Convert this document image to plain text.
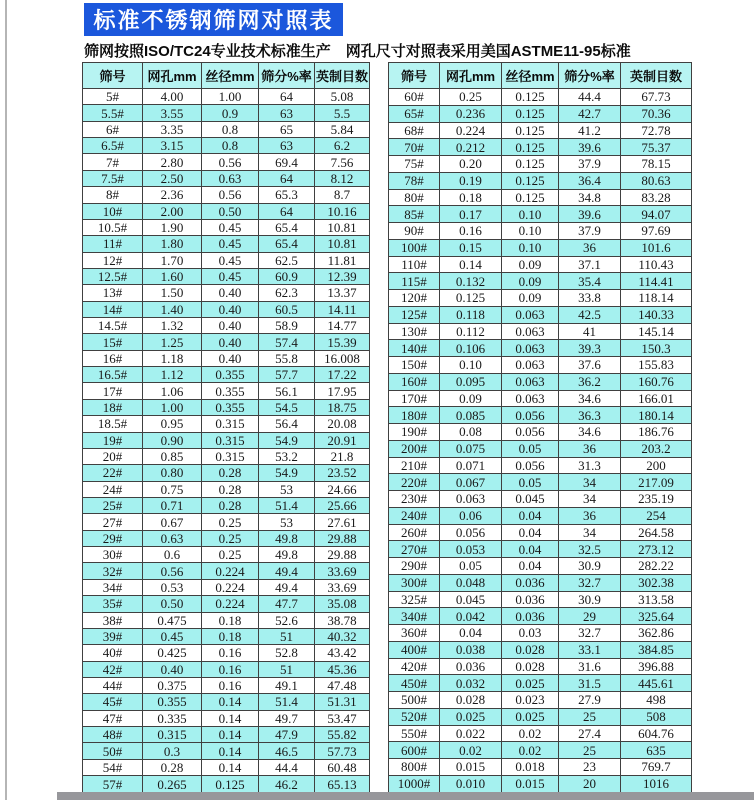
标准不锈钢筛网对照表
筛网按照ISO/TC24专业技术标准生产　网孔尺寸对照表采用美国ASTME11-95标准
筛号	网孔mm	丝径mm	筛分%率	英制目数
5#	4.00	1.00	64	5.08
5.5#	3.55	0.9	63	5.5
6#	3.35	0.8	65	5.84
6.5#	3.15	0.8	63	6.2
7#	2.80	0.56	69.4	7.56
7.5#	2.50	0.63	64	8.12
8#	2.36	0.56	65.3	8.7
10#	2.00	0.50	64	10.16
10.5#	1.90	0.45	65.4	10.81
11#	1.80	0.45	65.4	10.81
12#	1.70	0.45	62.5	11.81
12.5#	1.60	0.45	60.9	12.39
13#	1.50	0.40	62.3	13.37
14#	1.40	0.40	60.5	14.11
14.5#	1.32	0.40	58.9	14.77
15#	1.25	0.40	57.4	15.39
16#	1.18	0.40	55.8	16.008
16.5#	1.12	0.355	57.7	17.22
17#	1.06	0.355	56.1	17.95
18#	1.00	0.355	54.5	18.75
18.5#	0.95	0.315	56.4	20.08
19#	0.90	0.315	54.9	20.91
20#	0.85	0.315	53.2	21.8
22#	0.80	0.28	54.9	23.52
24#	0.75	0.28	53	24.66
25#	0.71	0.28	51.4	25.66
27#	0.67	0.25	53	27.61
29#	0.63	0.25	49.8	29.88
30#	0.6	0.25	49.8	29.88
32#	0.56	0.224	49.4	33.69
34#	0.53	0.224	49.4	33.69
35#	0.50	0.224	47.7	35.08
38#	0.475	0.18	52.6	38.78
39#	0.45	0.18	51	40.32
40#	0.425	0.16	52.8	43.42
42#	0.40	0.16	51	45.36
44#	0.375	0.16	49.1	47.48
45#	0.355	0.14	51.4	51.31
47#	0.335	0.14	49.7	53.47
48#	0.315	0.14	47.9	55.82
50#	0.3	0.14	46.5	57.73
54#	0.28	0.14	44.4	60.48
57#	0.265	0.125	46.2	65.13
筛号	网孔mm	丝径mm	筛分%率	英制目数
60#	0.25	0.125	44.4	67.73
65#	0.236	0.125	42.7	70.36
68#	0.224	0.125	41.2	72.78
70#	0.212	0.125	39.6	75.37
75#	0.20	0.125	37.9	78.15
78#	0.19	0.125	36.4	80.63
80#	0.18	0.125	34.8	83.28
85#	0.17	0.10	39.6	94.07
90#	0.16	0.10	37.9	97.69
100#	0.15	0.10	36	101.6
110#	0.14	0.09	37.1	110.43
115#	0.132	0.09	35.4	114.41
120#	0.125	0.09	33.8	118.14
125#	0.118	0.063	42.5	140.33
130#	0.112	0.063	41	145.14
140#	0.106	0.063	39.3	150.3
150#	0.10	0.063	37.6	155.83
160#	0.095	0.063	36.2	160.76
170#	0.09	0.063	34.6	166.01
180#	0.085	0.056	36.3	180.14
190#	0.08	0.056	34.6	186.76
200#	0.075	0.05	36	203.2
210#	0.071	0.056	31.3	200
220#	0.067	0.05	34	217.09
230#	0.063	0.045	34	235.19
240#	0.06	0.04	36	254
260#	0.056	0.04	34	264.58
270#	0.053	0.04	32.5	273.12
290#	0.05	0.04	30.9	282.22
300#	0.048	0.036	32.7	302.38
325#	0.045	0.036	30.9	313.58
340#	0.042	0.036	29	325.64
360#	0.04	0.03	32.7	362.86
400#	0.038	0.028	33.1	384.85
420#	0.036	0.028	31.6	396.88
450#	0.032	0.025	31.5	445.61
500#	0.028	0.023	27.9	498
520#	0.025	0.025	25	508
550#	0.022	0.02	27.4	604.76
600#	0.02	0.02	25	635
800#	0.015	0.018	23	769.7
1000#	0.010	0.015	20	1016
